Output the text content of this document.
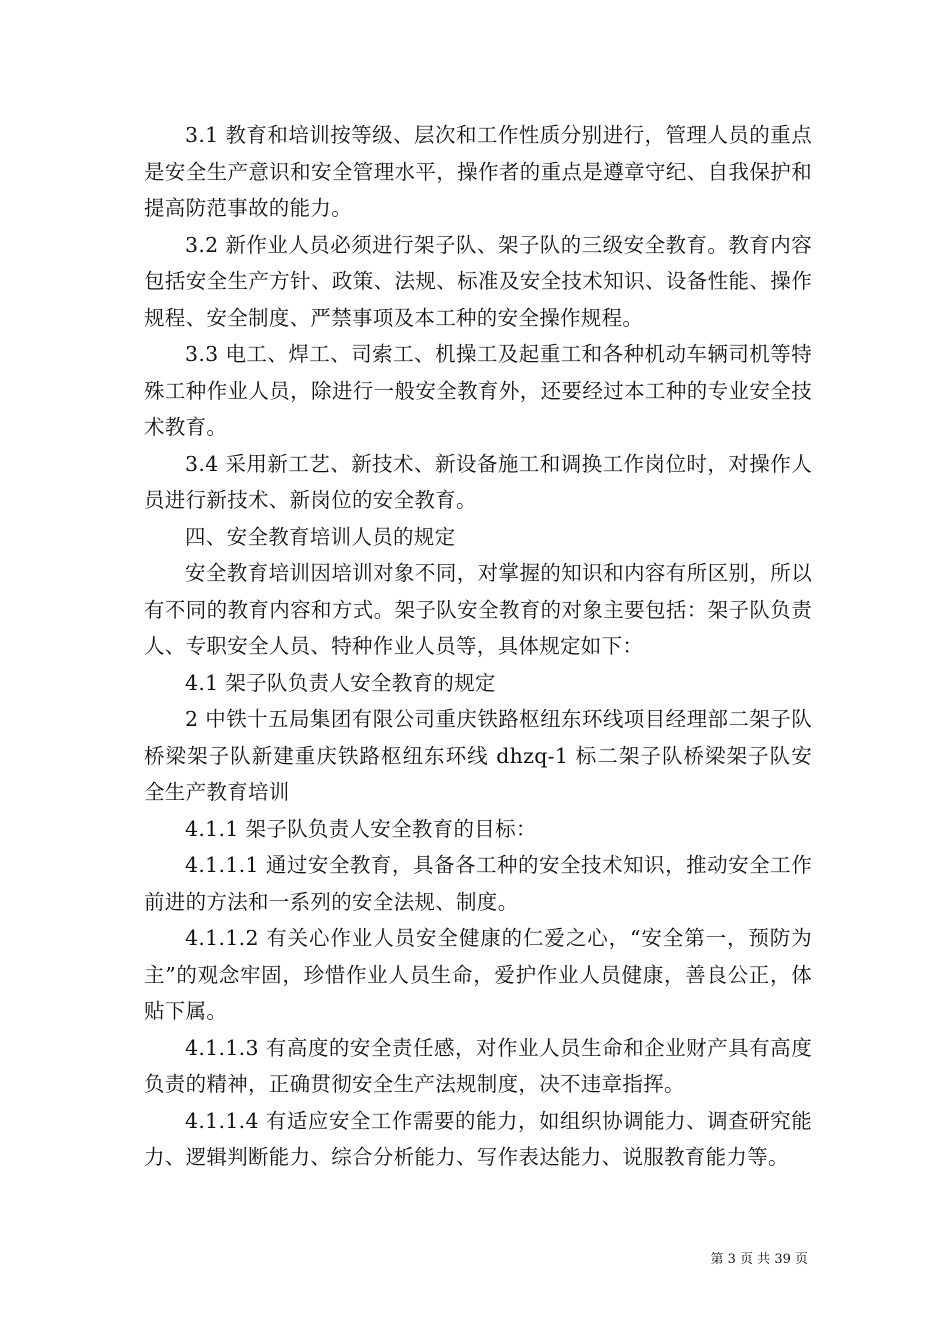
3.1 教育和培训按等级、层次和工作性质分别进行，管理人员的重点是安全生产意识和安全管理水平，操作者的重点是遵章守纪、自我保护和提高防范事故的能力。

3.2 新作业人员必须进行架子队、架子队的三级安全教育。教育内容包括安全生产方针、政策、法规、标准及安全技术知识、设备性能、操作规程、安全制度、严禁事项及本工种的安全操作规程。

3.3 电工、焊工、司索工、机操工及起重工和各种机动车辆司机等特殊工种作业人员，除进行一般安全教育外，还要经过本工种的专业安全技术教育。

3.4 采用新工艺、新技术、新设备施工和调换工作岗位时，对操作人员进行新技术、新岗位的安全教育。

四、安全教育培训人员的规定

安全教育培训因培训对象不同，对掌握的知识和内容有所区别，所以有不同的教育内容和方式。架子队安全教育的对象主要包括：架子队负责人、专职安全人员、特种作业人员等，具体规定如下：

4.1 架子队负责人安全教育的规定

2 中铁十五局集团有限公司重庆铁路枢纽东环线项目经理部二架子队桥梁架子队新建重庆铁路枢纽东环线 dhzq-1 标二架子队桥梁架子队安全生产教育培训

4.1.1 架子队负责人安全教育的目标：

4.1.1.1 通过安全教育，具备各工种的安全技术知识，推动安全工作前进的方法和一系列的安全法规、制度。

4.1.1.2 有关心作业人员安全健康的仁爱之心，“安全第一，预防为主”的观念牢固，珍惜作业人员生命，爱护作业人员健康，善良公正，体贴下属。

4.1.1.3 有高度的安全责任感，对作业人员生命和企业财产具有高度负责的精神，正确贯彻安全生产法规制度，决不违章指挥。

4.1.1.4 有适应安全工作需要的能力，如组织协调能力、调查研究能力、逻辑判断能力、综合分析能力、写作表达能力、说服教育能力等。

第 3 页 共 39 页
